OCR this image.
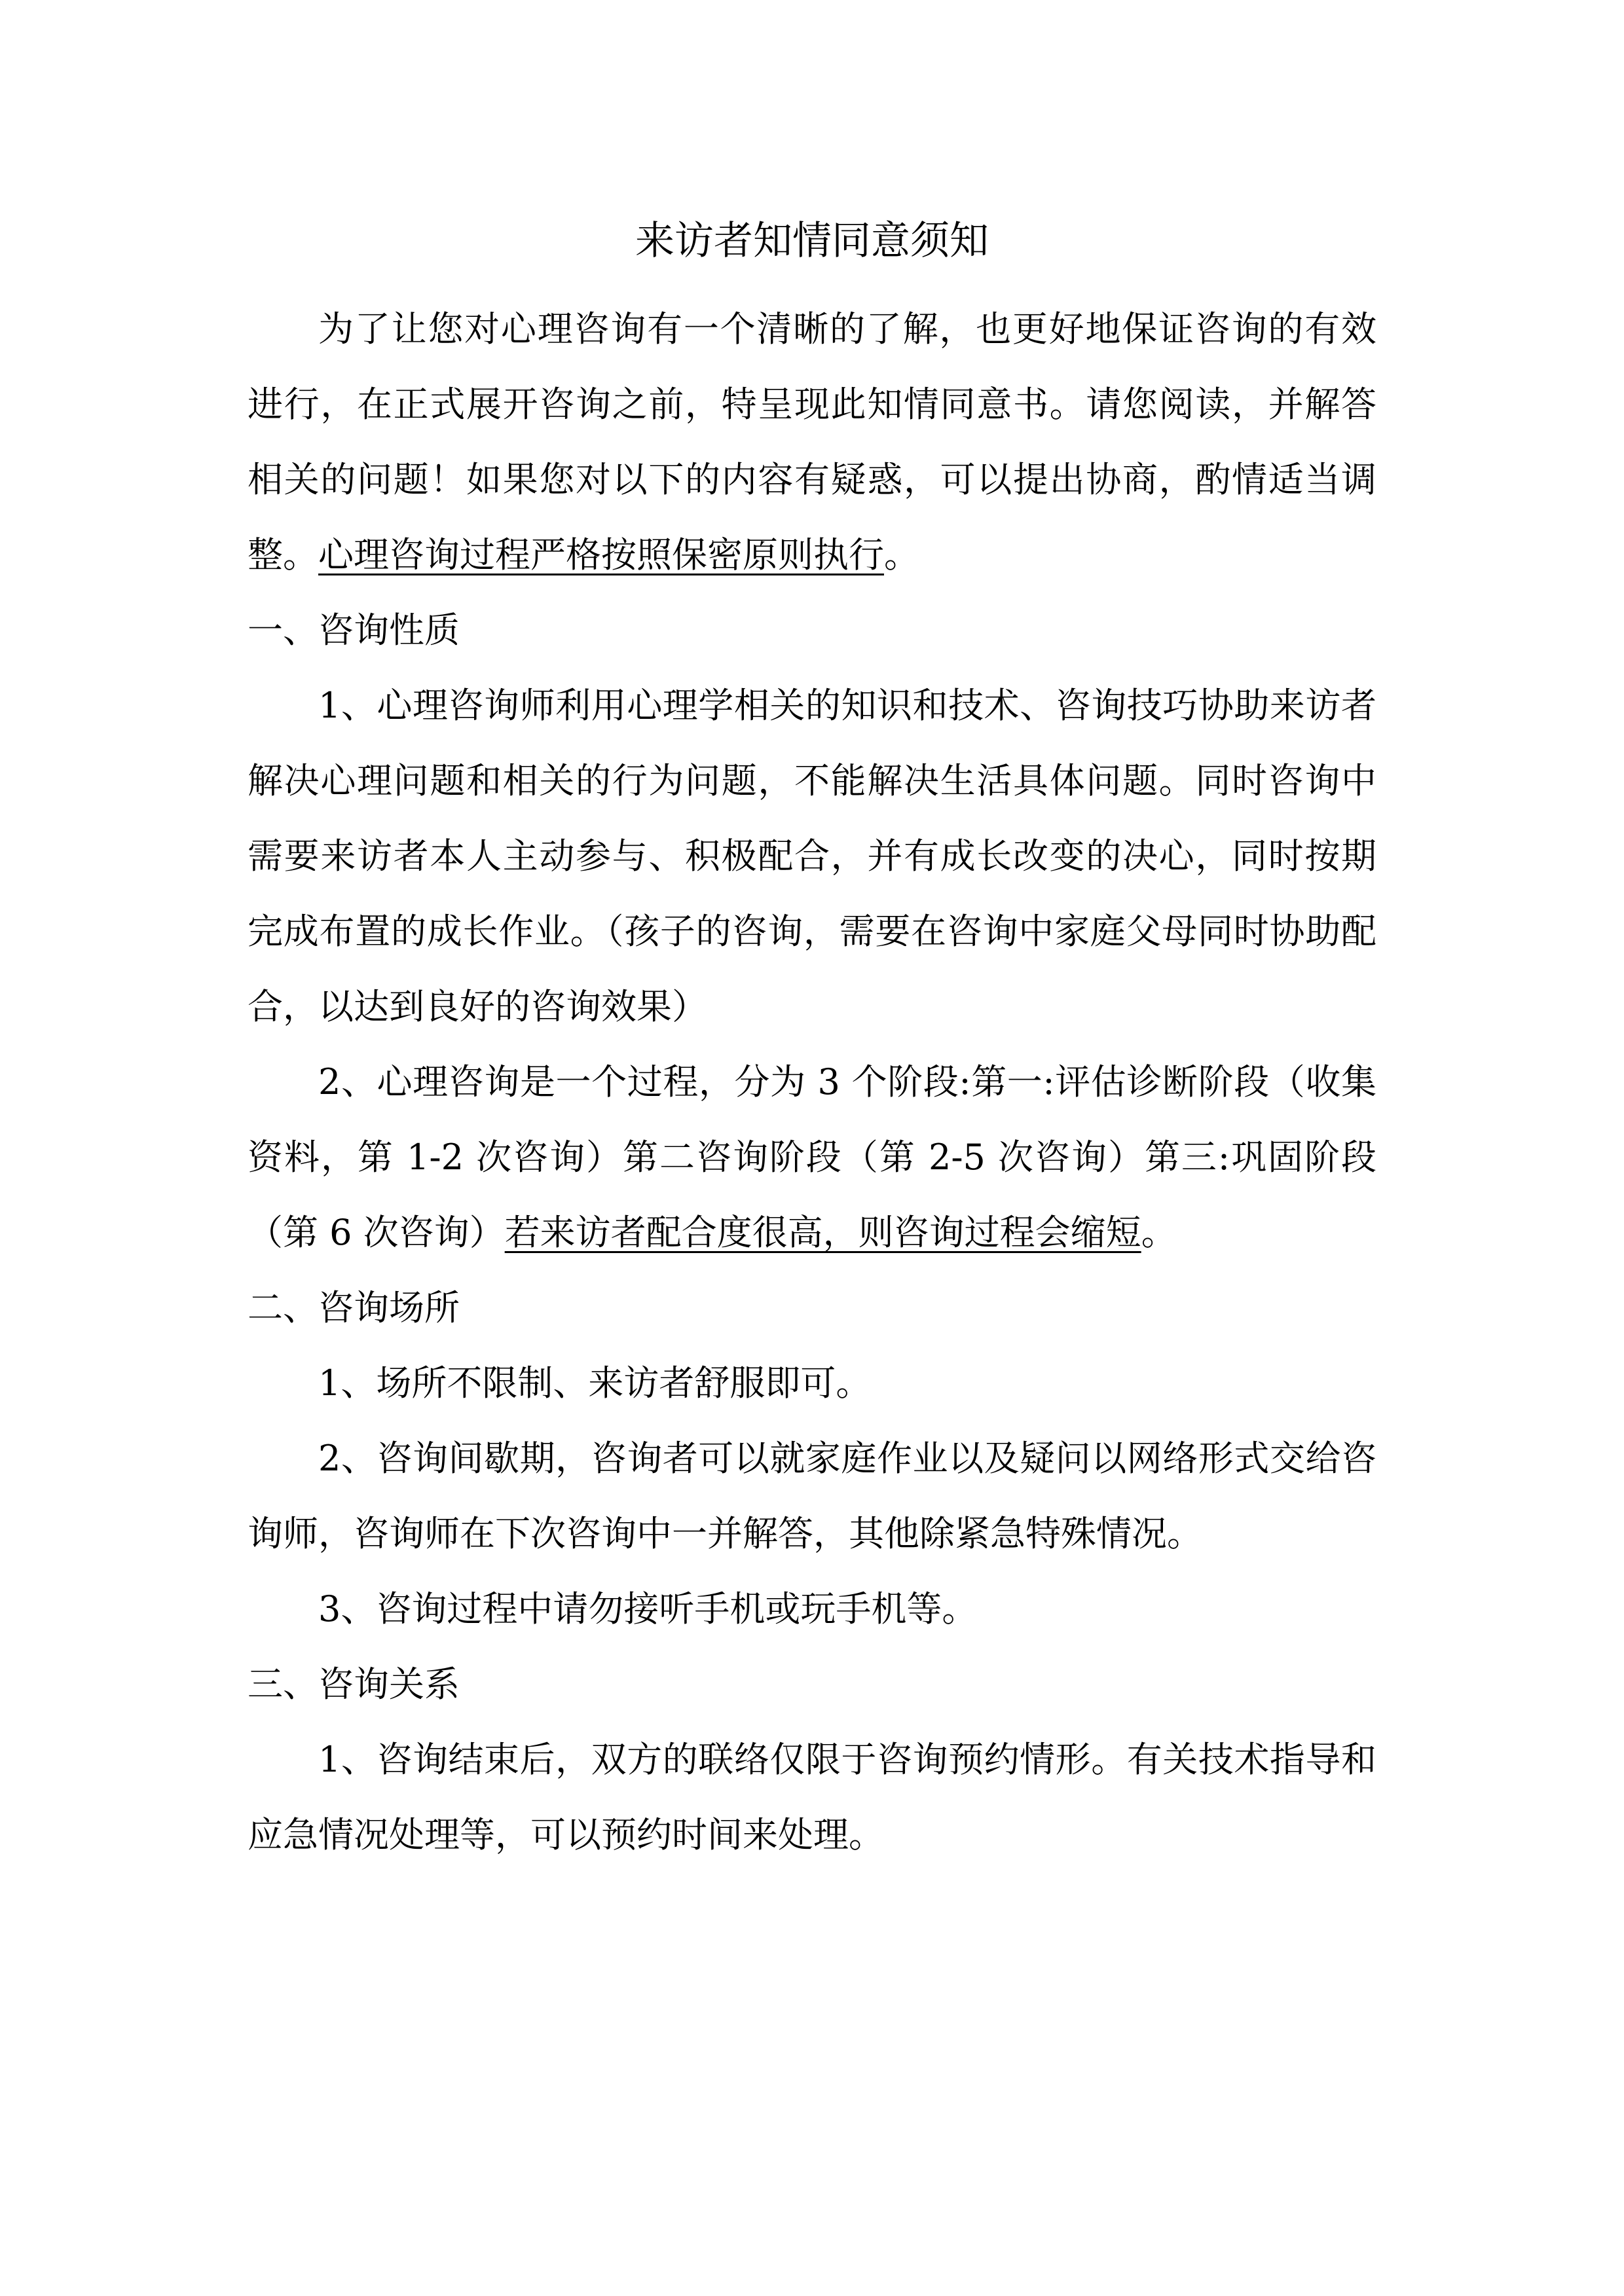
来访者知情同意须知

为了让您对心理咨询有一个清晰的了解，也更好地保证咨询的有效进行，在正式展开咨询之前，特呈现此知情同意书。请您阅读，并解答相关的问题！如果您对以下的内容有疑惑，可以提出协商，酌情适当调整。心理咨询过程严格按照保密原则执行。

一、咨询性质

1、心理咨询师利用心理学相关的知识和技术、咨询技巧协助来访者解决心理问题和相关的行为问题，不能解决生活具体问题。同时咨询中需要来访者本人主动参与、积极配合，并有成长改变的决心，同时按期完成布置的成长作业。（孩子的咨询，需要在咨询中家庭父母同时协助配合，以达到良好的咨询效果）

2、心理咨询是一个过程，分为 3 个阶段:第一:评估诊断阶段（收集资料，第 1-2 次咨询）第二咨询阶段（第 2-5 次咨询）第三:巩固阶段（第 6 次咨询）若来访者配合度很高，则咨询过程会缩短。

二、咨询场所

1、场所不限制、来访者舒服即可。

2、咨询间歇期，咨询者可以就家庭作业以及疑问以网络形式交给咨询师，咨询师在下次咨询中一并解答，其他除紧急特殊情况。

3、咨询过程中请勿接听手机或玩手机等。

三、咨询关系

1、咨询结束后，双方的联络仅限于咨询预约情形。有关技术指导和应急情况处理等，可以预约时间来处理。
